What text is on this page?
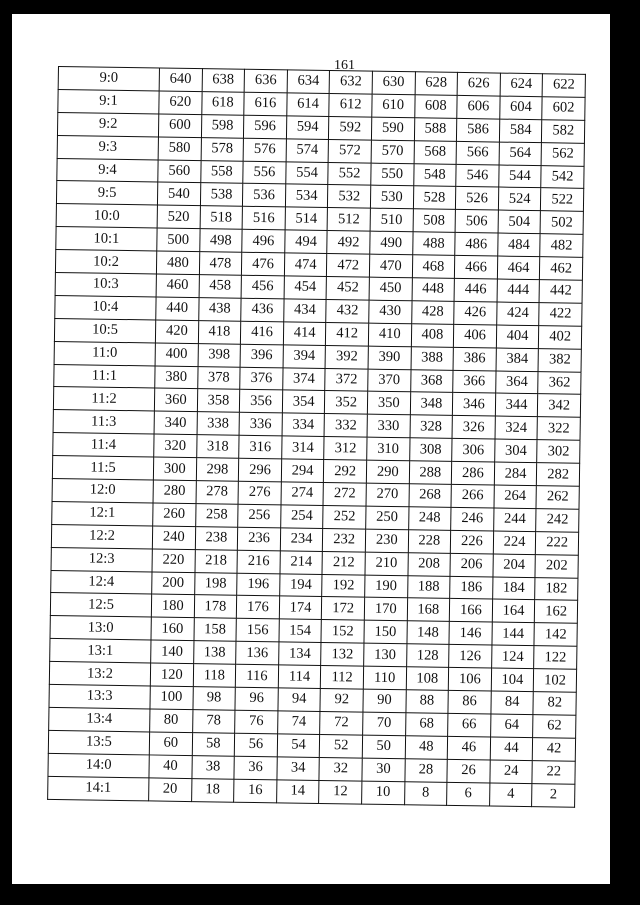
161
9:0	640	638	636	634	632	630	628	626	624	622
9:1	620	618	616	614	612	610	608	606	604	602
9:2	600	598	596	594	592	590	588	586	584	582
9:3	580	578	576	574	572	570	568	566	564	562
9:4	560	558	556	554	552	550	548	546	544	542
9:5	540	538	536	534	532	530	528	526	524	522
10:0	520	518	516	514	512	510	508	506	504	502
10:1	500	498	496	494	492	490	488	486	484	482
10:2	480	478	476	474	472	470	468	466	464	462
10:3	460	458	456	454	452	450	448	446	444	442
10:4	440	438	436	434	432	430	428	426	424	422
10:5	420	418	416	414	412	410	408	406	404	402
11:0	400	398	396	394	392	390	388	386	384	382
11:1	380	378	376	374	372	370	368	366	364	362
11:2	360	358	356	354	352	350	348	346	344	342
11:3	340	338	336	334	332	330	328	326	324	322
11:4	320	318	316	314	312	310	308	306	304	302
11:5	300	298	296	294	292	290	288	286	284	282
12:0	280	278	276	274	272	270	268	266	264	262
12:1	260	258	256	254	252	250	248	246	244	242
12:2	240	238	236	234	232	230	228	226	224	222
12:3	220	218	216	214	212	210	208	206	204	202
12:4	200	198	196	194	192	190	188	186	184	182
12:5	180	178	176	174	172	170	168	166	164	162
13:0	160	158	156	154	152	150	148	146	144	142
13:1	140	138	136	134	132	130	128	126	124	122
13:2	120	118	116	114	112	110	108	106	104	102
13:3	100	98	96	94	92	90	88	86	84	82
13:4	80	78	76	74	72	70	68	66	64	62
13:5	60	58	56	54	52	50	48	46	44	42
14:0	40	38	36	34	32	30	28	26	24	22
14:1	20	18	16	14	12	10	8	6	4	2
